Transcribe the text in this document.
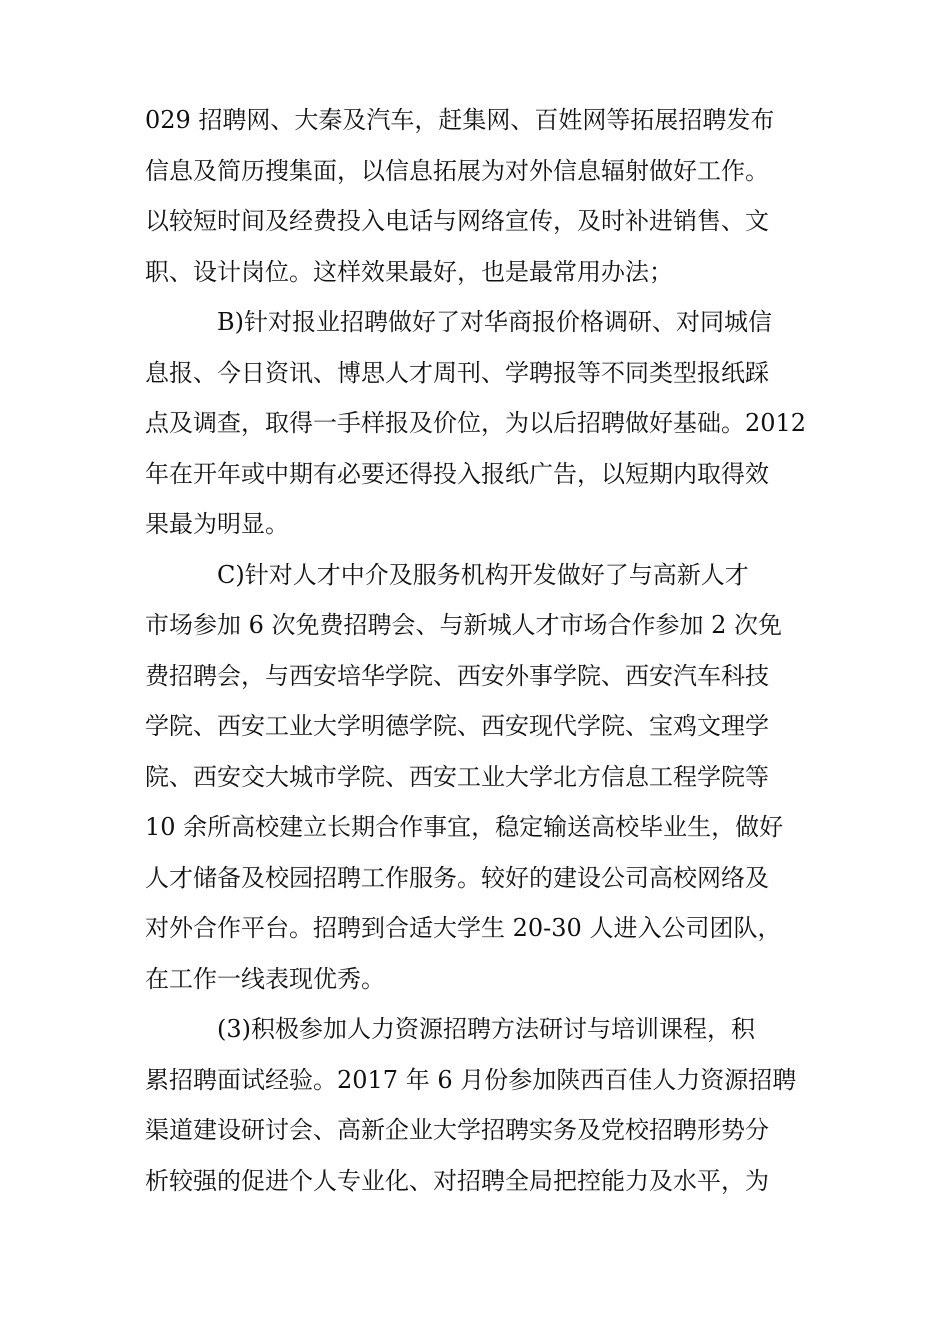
029 招聘网、大秦及汽车，赶集网、百姓网等拓展招聘发布
信息及简历搜集面，以信息拓展为对外信息辐射做好工作。
以较短时间及经费投入电话与网络宣传，及时补进销售、文
职、设计岗位。这样效果最好，也是最常用办法；
B)针对报业招聘做好了对华商报价格调研、对同城信
息报、今日资讯、博思人才周刊、学聘报等不同类型报纸踩
点及调查，取得一手样报及价位，为以后招聘做好基础。2012
年在开年或中期有必要还得投入报纸广告，以短期内取得效
果最为明显。
C)针对人才中介及服务机构开发做好了与高新人才
市场参加 6 次免费招聘会、与新城人才市场合作参加 2 次免
费招聘会，与西安培华学院、西安外事学院、西安汽车科技
学院、西安工业大学明德学院、西安现代学院、宝鸡文理学
院、西安交大城市学院、西安工业大学北方信息工程学院等
10 余所高校建立长期合作事宜，稳定输送高校毕业生，做好
人才储备及校园招聘工作服务。较好的建设公司高校网络及
对外合作平台。招聘到合适大学生 20-30 人进入公司团队，
在工作一线表现优秀。
(3)积极参加人力资源招聘方法研讨与培训课程，积
累招聘面试经验。2017 年 6 月份参加陕西百佳人力资源招聘
渠道建设研讨会、高新企业大学招聘实务及党校招聘形势分
析较强的促进个人专业化、对招聘全局把控能力及水平，为
